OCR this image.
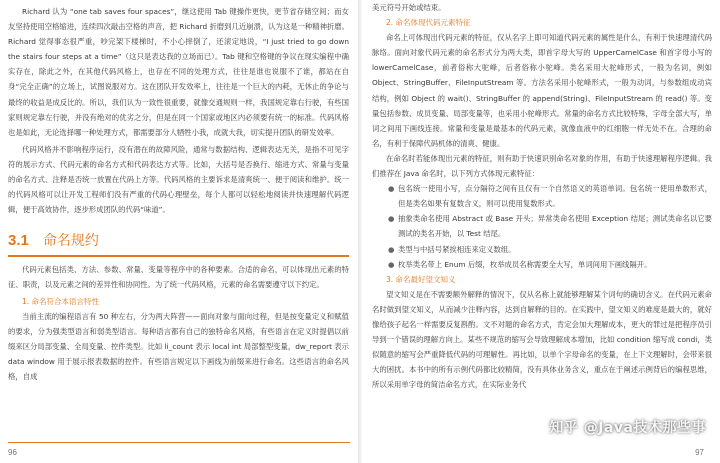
Richard 认为 “one tab saves four spaces”，继这使用 Tab 键操作更快，更节省存储空间；而女友坚持使用空格缩进，连续四次敲击空格的声音，把 Richard 折磨到几近崩溃，认为这是一种精神折磨。Richard 觉得事态很严重，吵完架下楼梯时，不小心摔倒了，还滚定地说，“I just tried to go down the stairs four steps at a time”（这只是表达我的立场而已）。Tab 键和空格键的争议在现实编程中确实存在，除此之外，在其他代码风格上，也存在不同的处理方式，往往是谁也说服不了谁，都站在自身“完全正确”的立场上，试图说服对方。这在团队开发效率上，往往是一个巨大的内耗，无休止的争论与最终的收益是成反比的。所以，我们认为一致性很重要，就像交通规则一样，我国规定靠右行驶，有些国家则规定靠左行驶，并没有绝对的优劣之分，但是在同一个国家或地区内必须要有统一的标准。代码风格也是如此，无论选择哪一种处理方式，都需要部分人牺牲小我，成就大我，切实提升团队的研发效率。

代码风格并不影响程序运行，没有潜在的故障风险，通常与数据结构、逻辑表达无关，是指不可见字符的展示方式、代码元素的命名方式和代码表达方式等。比如，大括号是否换行、缩进方式、常量与变量的命名方式、注释是否统一放置在代码上方等。代码风格的主要诉求是清爽统一、便于阅读和维护。统一的代码风格可以让开发工程师们没有严重的代码心理壁垒，每个人都可以轻松地阅读并快速理解代码逻辑，便于高效协作，逐步形成团队的代码“味道”。

3.1 命名规约

代码元素包括类、方法、参数、常量、变量等程序中的各种要素。合适的命名，可以体现出元素的特征、职责，以及元素之间的差异性和协同性。为了统一代码风格，元素的命名需要遵守以下约定。

1. 命名符合本语言特性

当前主流的编程语言有 50 种左右，分为两大阵营——面向对象与面向过程，但是按变量定义和赋值的要求，分为强类型语言和弱类型语言。每种语言都有自己的独特命名风格，有些语言在定义时提倡以前缀来区分局部变量、全局变量、控件类型。比如 li_count 表示 local int 局部整型变量，dw_report 表示 data window 用于展示报表数据的控件。有些语言规定以下画线为前缀来进行命名。这些语言的命名风格，自成

美元符号开始或结束。

2. 命名体现代码元素特征

命名上可体现出代码元素的特征，仅从名字上即可知道代码元素的属性是什么，有利于快速理清代码脉络。面向对象代码元素的命名形式分为两大类，即首字母大写的 UpperCamelCase 和首字母小写的 lowerCamelCase，前者俗称大驼峰，后者俗称小驼峰。类名采用大驼峰形式，一般为名词，例如 Object、StringBuffer、FileInputStream 等。方法名采用小驼峰形式，一般为动词，与参数组成动宾结构，例如 Object 的 wait()、StringBuffer 的 append(String)、FileInputStream 的 read() 等。变量包括参数、成员变量、局部变量等，也采用小驼峰形式。常量的命名方式比较特殊，字母全部大写，单词之间用下画线连接。常量和变量是最基本的代码元素，就像血液中的红细胞一样无处不在。合理的命名，有利于保障代码机体的清爽、健康。

在命名时若能体现出元素的特征，则有助于快速识别命名对象的作用，有助于快速理解程序逻辑。我们推荐在 Java 命名时，以下列方式体现元素特征：

● 包名统一使用小写，点分隔符之间有且仅有一个自然语义的英语单词。包名统一使用单数形式，但是类名如果有复数含义，则可以使用复数形式。
● 抽象类命名使用 Abstract 或 Base 开头；异常类命名使用 Exception 结尾；测试类命名以它要测试的类名开始，以 Test 结尾。
● 类型与中括号紧挨相连来定义数组。
● 枚举类名带上 Enum 后缀，枚举成员名称需要全大写，单词间用下画线隔开。

3. 命名最好望文知义

望文知义是在不需要额外解释的情况下，仅从名称上就能够理解某个词句的确切含义。在代码元素命名时做到望文知义，从而减少注释内容，达到自解释的目的。在实践中，望文知义的难度是最大的，就好像给孩子起名一样需要反复斟酌。文不对题的命名方式，肯定会加大理解成本，更大的罪过是把程序员引导到一个错误的理解方向上。某些不规范的缩写会导致理解成本增加，比如 condition 缩写成 condi，类似随意的缩写会严重降低代码的可理解性。再比如，以单个字母命名的变量，在上下文理解时，会带来很大的困扰。本书中的所有示例代码都比较精简，没有具体业务含义，重点在于阐述示例背后的编程思维，所以采用单字母的简洁命名方式，在实际业务代

96	97
知乎 @Java技术那些事
